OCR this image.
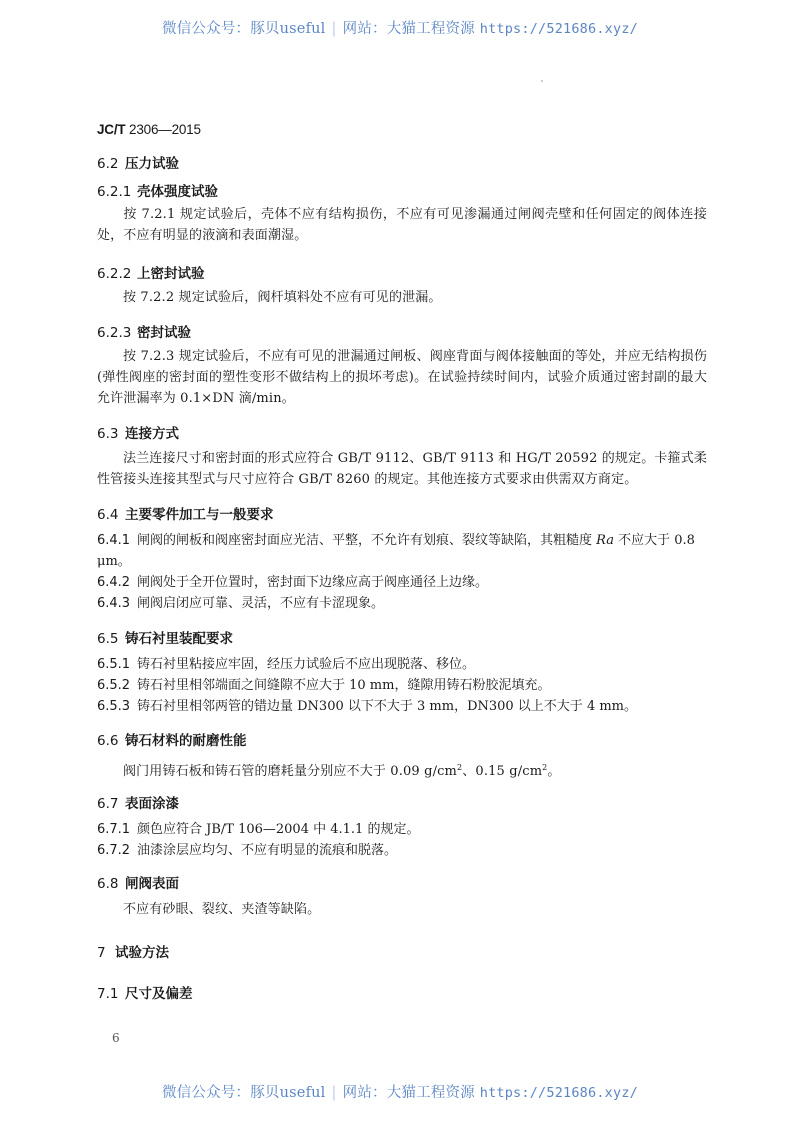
微信公众号：豚贝useful | 网站：大猫工程资源 https://521686.xyz/
JC/T 2306—2015
6.2 压力试验
6.2.1 壳体强度试验
按 7.2.1 规定试验后，壳体不应有结构损伤，不应有可见渗漏通过闸阀壳壁和任何固定的阀体连接处，不应有明显的液滴和表面潮湿。
6.2.2 上密封试验
按 7.2.2 规定试验后，阀杆填料处不应有可见的泄漏。
6.2.3 密封试验
按 7.2.3 规定试验后，不应有可见的泄漏通过闸板、阀座背面与阀体接触面的等处，并应无结构损伤(弹性阀座的密封面的塑性变形不做结构上的损坏考虑)。在试验持续时间内，试验介质通过密封副的最大允许泄漏率为 0.1×DN 滴/min。
6.3 连接方式
法兰连接尺寸和密封面的形式应符合 GB/T 9112、GB/T 9113 和 HG/T 20592 的规定。卡箍式柔性管接头连接其型式与尺寸应符合 GB/T 8260 的规定。其他连接方式要求由供需双方商定。
6.4 主要零件加工与一般要求
6.4.1 闸阀的闸板和阀座密封面应光洁、平整，不允许有划痕、裂纹等缺陷，其粗糙度 Ra 不应大于 0.8 μm。
6.4.2 闸阀处于全开位置时，密封面下边缘应高于阀座通径上边缘。
6.4.3 闸阀启闭应可靠、灵活，不应有卡涩现象。
6.5 铸石衬里装配要求
6.5.1 铸石衬里粘接应牢固，经压力试验后不应出现脱落、移位。
6.5.2 铸石衬里相邻端面之间缝隙不应大于 10 mm，缝隙用铸石粉胶泥填充。
6.5.3 铸石衬里相邻两管的错边量 DN300 以下不大于 3 mm，DN300 以上不大于 4 mm。
6.6 铸石材料的耐磨性能
阀门用铸石板和铸石管的磨耗量分别应不大于 0.09 $g/cm^2$、0.15 $g/cm^2$。
6.7 表面涂漆
6.7.1 颜色应符合 JB/T 106—2004 中 4.1.1 的规定。
6.7.2 油漆涂层应均匀、不应有明显的流痕和脱落。
6.8 闸阀表面
不应有砂眼、裂纹、夹渣等缺陷。
7 试验方法
7.1 尺寸及偏差
6
微信公众号：豚贝useful | 网站：大猫工程资源 https://521686.xyz/
